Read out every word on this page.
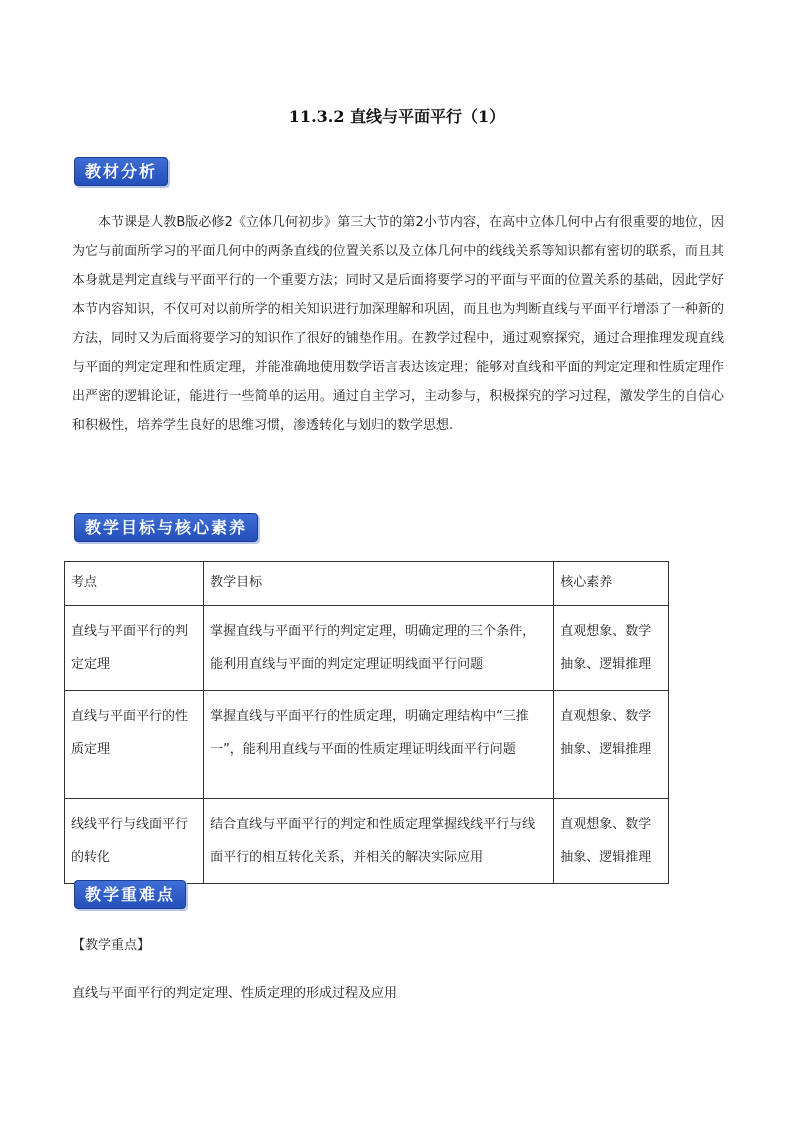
11.3.2 直线与平面平行（1）
教材分析

本节课是人教B版必修2《立体几何初步》第三大节的第2小节内容，在高中立体几何中占有很重要的地位，因为它与前面所学习的平面几何中的两条直线的位置关系以及立体几何中的线线关系等知识都有密切的联系，而且其本身就是判定直线与平面平行的一个重要方法；同时又是后面将要学习的平面与平面的位置关系的基础，因此学好本节内容知识，不仅可对以前所学的相关知识进行加深理解和巩固，而且也为判断直线与平面平行增添了一种新的方法，同时又为后面将要学习的知识作了很好的铺垫作用。在教学过程中，通过观察探究，通过合理推理发现直线与平面的判定定理和性质定理，并能准确地使用数学语言表达该定理；能够对直线和平面的判定定理和性质定理作出严密的逻辑论证，能进行一些简单的运用。通过自主学习，主动参与，积极探究的学习过程，激发学生的自信心和积极性，培养学生良好的思维习惯，渗透转化与划归的数学思想.

教学目标与核心素养
考点	教学目标	核心素养
直线与平面平行的判定定理	掌握直线与平面平行的判定定理，明确定理的三个条件，能利用直线与平面的判定定理证明线面平行问题	直观想象、数学抽象、逻辑推理
直线与平面平行的性质定理	掌握直线与平面平行的性质定理，明确定理结构中“三推一”，能利用直线与平面的性质定理证明线面平行问题	直观想象、数学抽象、逻辑推理
线线平行与线面平行的转化	结合直线与平面平行的判定和性质定理掌握线线平行与线面平行的相互转化关系，并相关的解决实际应用	直观想象、数学抽象、逻辑推理
教学重难点
【教学重点】
直线与平面平行的判定定理、性质定理的形成过程及应用
